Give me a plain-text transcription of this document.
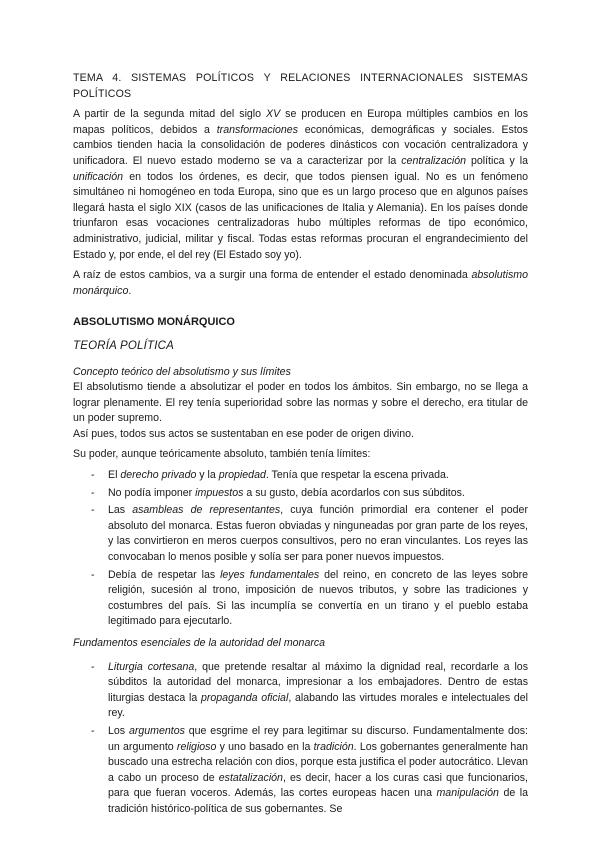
TEMA 4. SISTEMAS POLÍTICOS Y RELACIONES INTERNACIONALES SISTEMAS POLÍTICOS

A partir de la segunda mitad del siglo XV se producen en Europa múltiples cambios en los mapas políticos, debidos a transformaciones económicas, demográficas y sociales. Estos cambios tienden hacia la consolidación de poderes dinásticos con vocación centralizadora y unificadora. El nuevo estado moderno se va a caracterizar por la centralización política y la unificación en todos los órdenes, es decir, que todos piensen igual. No es un fenómeno simultáneo ni homogéneo en toda Europa, sino que es un largo proceso que en algunos países llegará hasta el siglo XIX (casos de las unificaciones de Italia y Alemania). En los países donde triunfaron esas vocaciones centralizadoras hubo múltiples reformas de tipo económico, administrativo, judicial, militar y fiscal. Todas estas reformas procuran el engrandecimiento del Estado y, por ende, el del rey (El Estado soy yo).

A raíz de estos cambios, va a surgir una forma de entender el estado denominada absolutismo monárquico.

ABSOLUTISMO MONÁRQUICO
TEORÍA POLÍTICA
Concepto teórico del absolutismo y sus límites

El absolutismo tiende a absolutizar el poder en todos los ámbitos. Sin embargo, no se llega a lograr plenamente. El rey tenía superioridad sobre las normas y sobre el derecho, era titular de un poder supremo.

Así pues, todos sus actos se sustentaban en ese poder de origen divino.

Su poder, aunque teóricamente absoluto, también tenía límites:

- El derecho privado y la propiedad. Tenía que respetar la escena privada.
- No podía imponer impuestos a su gusto, debía acordarlos con sus súbditos.
- Las asambleas de representantes, cuya función primordial era contener el poder absoluto del monarca. Estas fueron obviadas y ninguneadas por gran parte de los reyes, y las convirtieron en meros cuerpos consultivos, pero no eran vinculantes. Los reyes las convocaban lo menos posible y solía ser para poner nuevos impuestos.
- Debía de respetar las leyes fundamentales del reino, en concreto de las leyes sobre religión, sucesión al trono, imposición de nuevos tributos, y sobre las tradiciones y costumbres del país. Si las incumplía se convertía en un tirano y el pueblo estaba legitimado para ejecutarlo.
Fundamentos esenciales de la autoridad del monarca
- Liturgia cortesana, que pretende resaltar al máximo la dignidad real, recordarle a los súbditos la autoridad del monarca, impresionar a los embajadores. Dentro de estas liturgias destaca la propaganda oficial, alabando las virtudes morales e intelectuales del rey.
- Los argumentos que esgrime el rey para legitimar su discurso. Fundamentalmente dos: un argumento religioso y uno basado en la tradición. Los gobernantes generalmente han buscado una estrecha relación con dios, porque esta justifica el poder autocrático. Llevan a cabo un proceso de estatalización, es decir, hacer a los curas casi que funcionarios, para que fueran voceros. Además, las cortes europeas hacen una manipulación de la tradición histórico-política de sus gobernantes. Se
